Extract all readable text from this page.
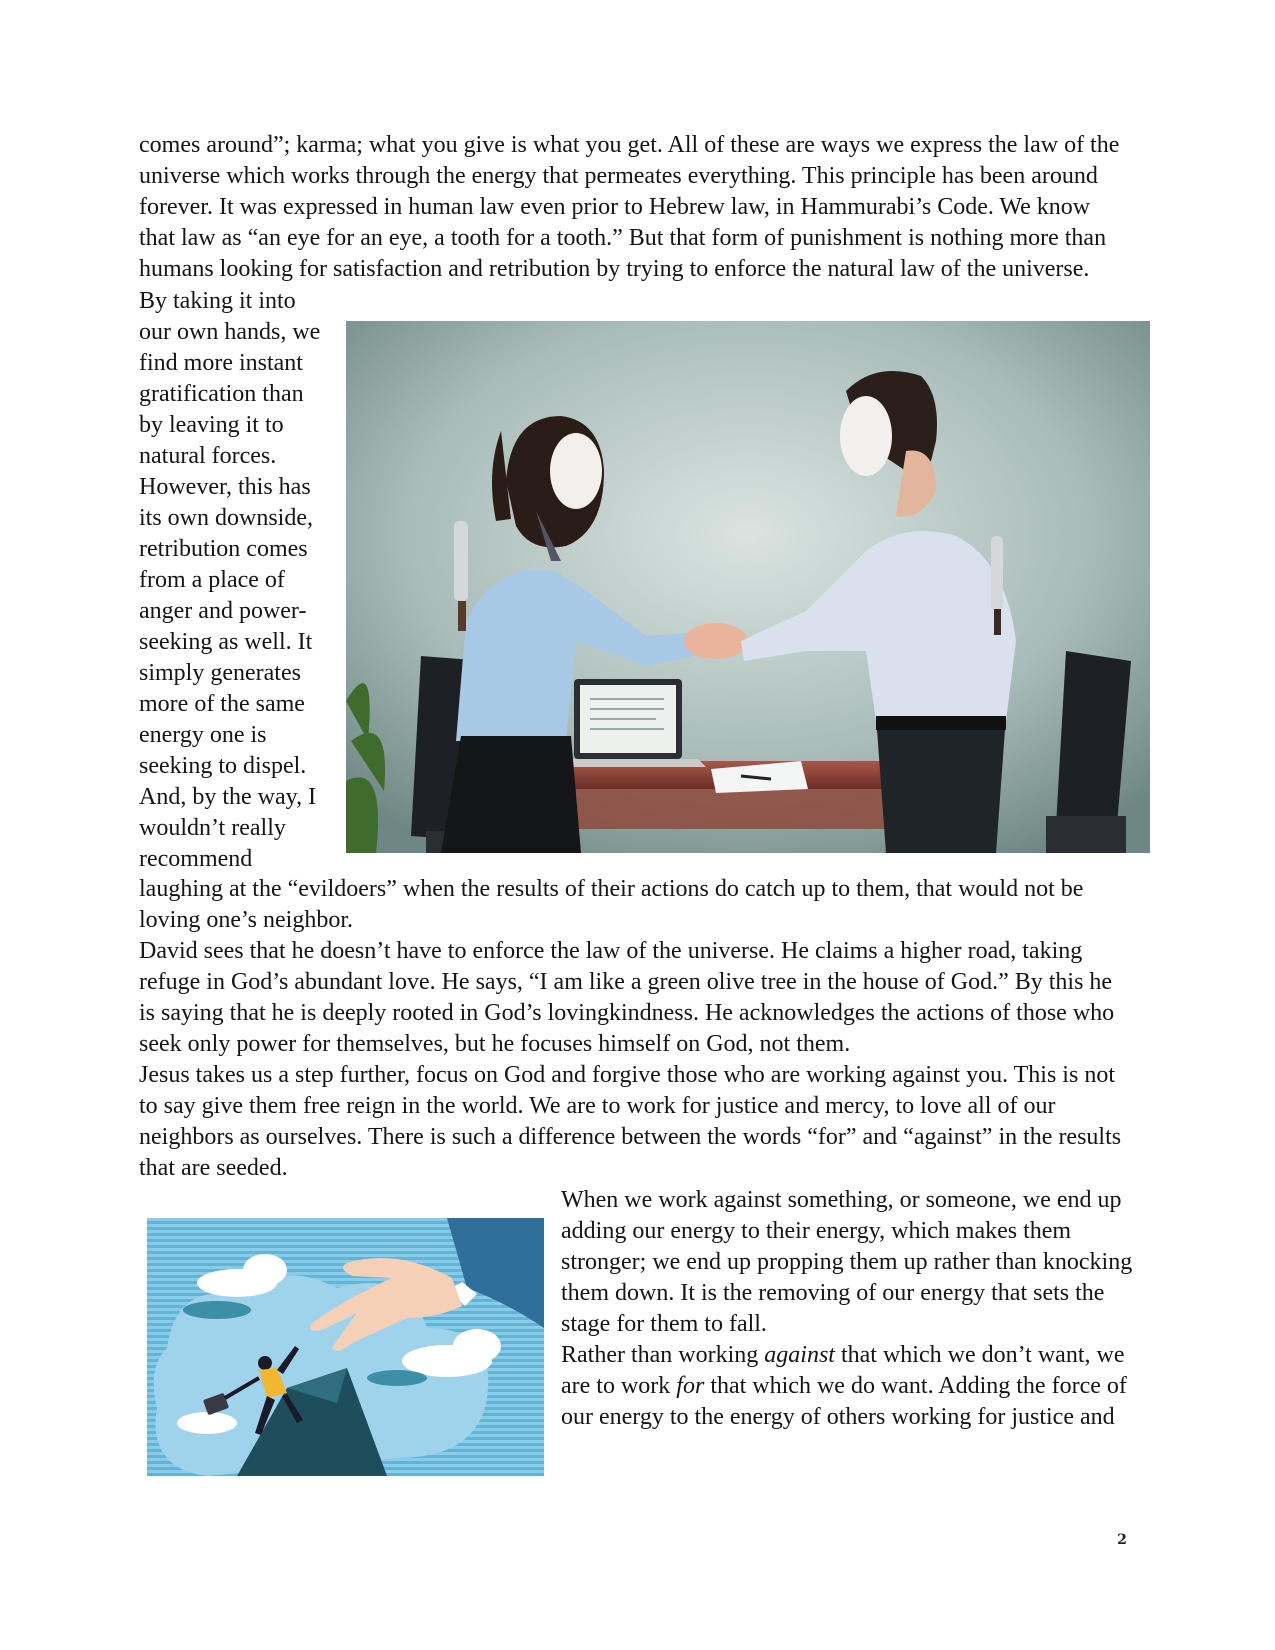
comes around”; karma; what you give is what you get. All of these are ways we express the law of the
universe which works through the energy that permeates everything. This principle has been around
forever. It was expressed in human law even prior to Hebrew law, in Hammurabi’s Code. We know
that law as “an eye for an eye, a tooth for a tooth.” But that form of punishment is nothing more than
humans looking for satisfaction and retribution by trying to enforce the natural law of the universe.
By taking it into
our own hands, we
find more instant
gratification than
by leaving it to
natural forces.
However, this has
its own downside,
retribution comes
from a place of
anger and power-
seeking as well. It
simply generates
more of the same
energy one is
seeking to dispel.
And, by the way, I
wouldn’t really
recommend
laughing at the “evildoers” when the results of their actions do catch up to them, that would not be
loving one’s neighbor.
David sees that he doesn’t have to enforce the law of the universe. He claims a higher road, taking
refuge in God’s abundant love. He says, “I am like a green olive tree in the house of God.” By this he
is saying that he is deeply rooted in God’s lovingkindness. He acknowledges the actions of those who
seek only power for themselves, but he focuses himself on God, not them.
Jesus takes us a step further, focus on God and forgive those who are working against you. This is not
to say give them free reign in the world. We are to work for justice and mercy, to love all of our
neighbors as ourselves. There is such a difference between the words “for” and “against” in the results
that are seeded.
When we work against something, or someone, we end up
adding our energy to their energy, which makes them
stronger; we end up propping them up rather than knocking
them down. It is the removing of our energy that sets the
stage for them to fall.
Rather than working against that which we don’t want, we
are to work for that which we do want. Adding the force of
our energy to the energy of others working for justice and
2
